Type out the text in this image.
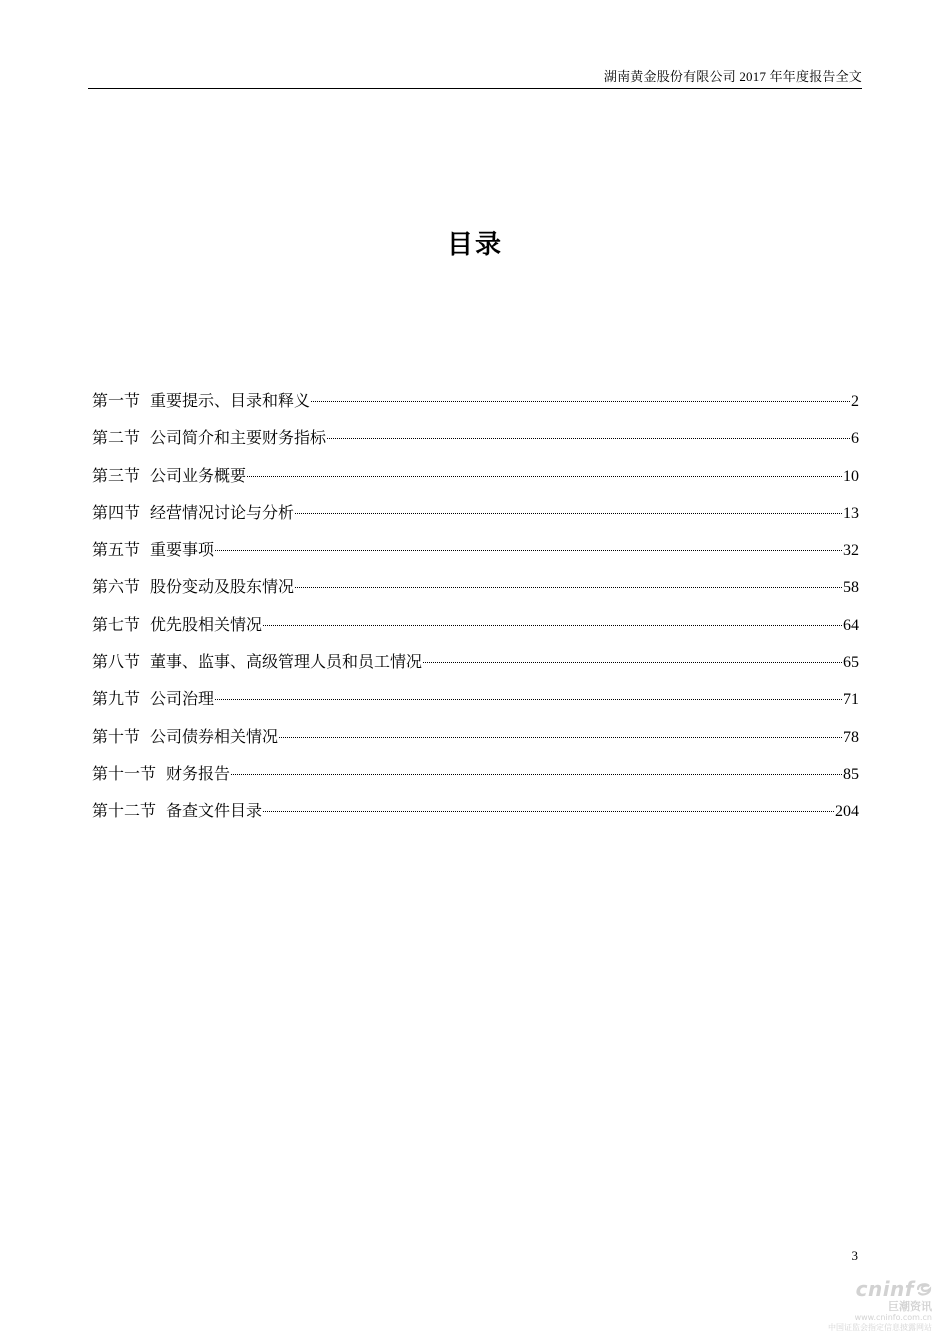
湖南黄金股份有限公司 2017 年年度报告全文
目录
第一节 重要提示、目录和释义	2
第二节 公司简介和主要财务指标	6
第三节 公司业务概要	10
第四节 经营情况讨论与分析	13
第五节 重要事项	32
第六节 股份变动及股东情况	58
第七节 优先股相关情况	64
第八节 董事、监事、高级管理人员和员工情况	65
第九节 公司治理	71
第十节 公司债券相关情况	78
第十一节 财务报告	85
第十二节 备查文件目录	204
3
cninf
巨潮资讯
www.cninfo.com.cn
中国证监会指定信息披露网站
